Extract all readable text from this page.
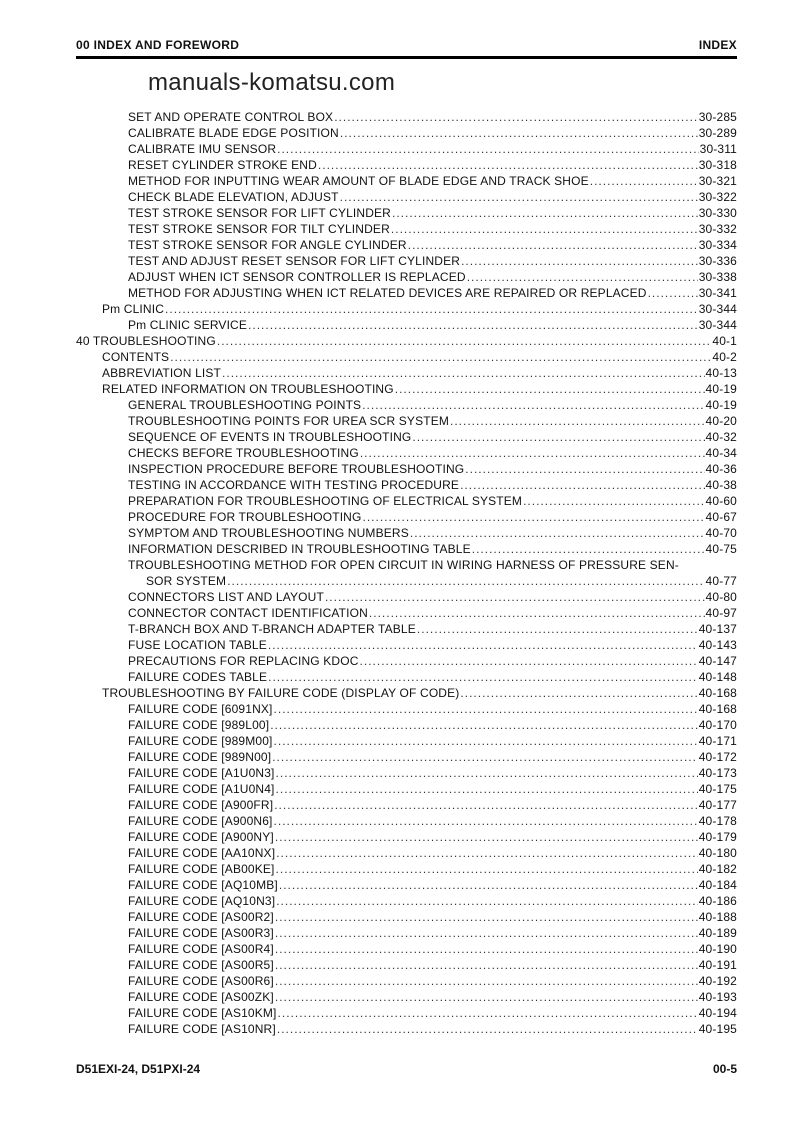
00 INDEX AND FOREWORD	INDEX
manuals-komatsu.com
SET AND OPERATE CONTROL BOX .....	30-285
CALIBRATE BLADE EDGE POSITION .....	30-289
CALIBRATE IMU SENSOR .....	30-311
RESET CYLINDER STROKE END .....	30-318
METHOD FOR INPUTTING WEAR AMOUNT OF BLADE EDGE AND TRACK SHOE .....	30-321
CHECK BLADE ELEVATION, ADJUST .....	30-322
TEST STROKE SENSOR FOR LIFT CYLINDER .....	30-330
TEST STROKE SENSOR FOR TILT CYLINDER .....	30-332
TEST STROKE SENSOR FOR ANGLE CYLINDER .....	30-334
TEST AND ADJUST RESET SENSOR FOR LIFT CYLINDER .....	30-336
ADJUST WHEN ICT SENSOR CONTROLLER IS REPLACED .....	30-338
METHOD FOR ADJUSTING WHEN ICT RELATED DEVICES ARE REPAIRED OR REPLACED .....	30-341
Pm CLINIC .....	30-344
Pm CLINIC SERVICE .....	30-344
40 TROUBLESHOOTING .....	40-1
CONTENTS .....	40-2
ABBREVIATION LIST .....	40-13
RELATED INFORMATION ON TROUBLESHOOTING .....	40-19
GENERAL TROUBLESHOOTING POINTS .....	40-19
TROUBLESHOOTING POINTS FOR UREA SCR SYSTEM .....	40-20
SEQUENCE OF EVENTS IN TROUBLESHOOTING .....	40-32
CHECKS BEFORE TROUBLESHOOTING .....	40-34
INSPECTION PROCEDURE BEFORE TROUBLESHOOTING .....	40-36
TESTING IN ACCORDANCE WITH TESTING PROCEDURE .....	40-38
PREPARATION FOR TROUBLESHOOTING OF ELECTRICAL SYSTEM .....	40-60
PROCEDURE FOR TROUBLESHOOTING .....	40-67
SYMPTOM AND TROUBLESHOOTING NUMBERS .....	40-70
INFORMATION DESCRIBED IN TROUBLESHOOTING TABLE .....	40-75
TROUBLESHOOTING METHOD FOR OPEN CIRCUIT IN WIRING HARNESS OF PRESSURE SEN-
SOR SYSTEM .....	40-77
CONNECTORS LIST AND LAYOUT .....	40-80
CONNECTOR CONTACT IDENTIFICATION .....	40-97
T-BRANCH BOX AND T-BRANCH ADAPTER TABLE .....	40-137
FUSE LOCATION TABLE .....	40-143
PRECAUTIONS FOR REPLACING KDOC .....	40-147
FAILURE CODES TABLE .....	40-148
TROUBLESHOOTING BY FAILURE CODE (DISPLAY OF CODE) .....	40-168
FAILURE CODE [6091NX] .....	40-168
FAILURE CODE [989L00] .....	40-170
FAILURE CODE [989M00] .....	40-171
FAILURE CODE [989N00] .....	40-172
FAILURE CODE [A1U0N3] .....	40-173
FAILURE CODE [A1U0N4] .....	40-175
FAILURE CODE [A900FR] .....	40-177
FAILURE CODE [A900N6] .....	40-178
FAILURE CODE [A900NY] .....	40-179
FAILURE CODE [AA10NX] .....	40-180
FAILURE CODE [AB00KE] .....	40-182
FAILURE CODE [AQ10MB] .....	40-184
FAILURE CODE [AQ10N3] .....	40-186
FAILURE CODE [AS00R2] .....	40-188
FAILURE CODE [AS00R3] .....	40-189
FAILURE CODE [AS00R4] .....	40-190
FAILURE CODE [AS00R5] .....	40-191
FAILURE CODE [AS00R6] .....	40-192
FAILURE CODE [AS00ZK] .....	40-193
FAILURE CODE [AS10KM] .....	40-194
FAILURE CODE [AS10NR] .....	40-195
D51EXI-24, D51PXI-24	00-5
